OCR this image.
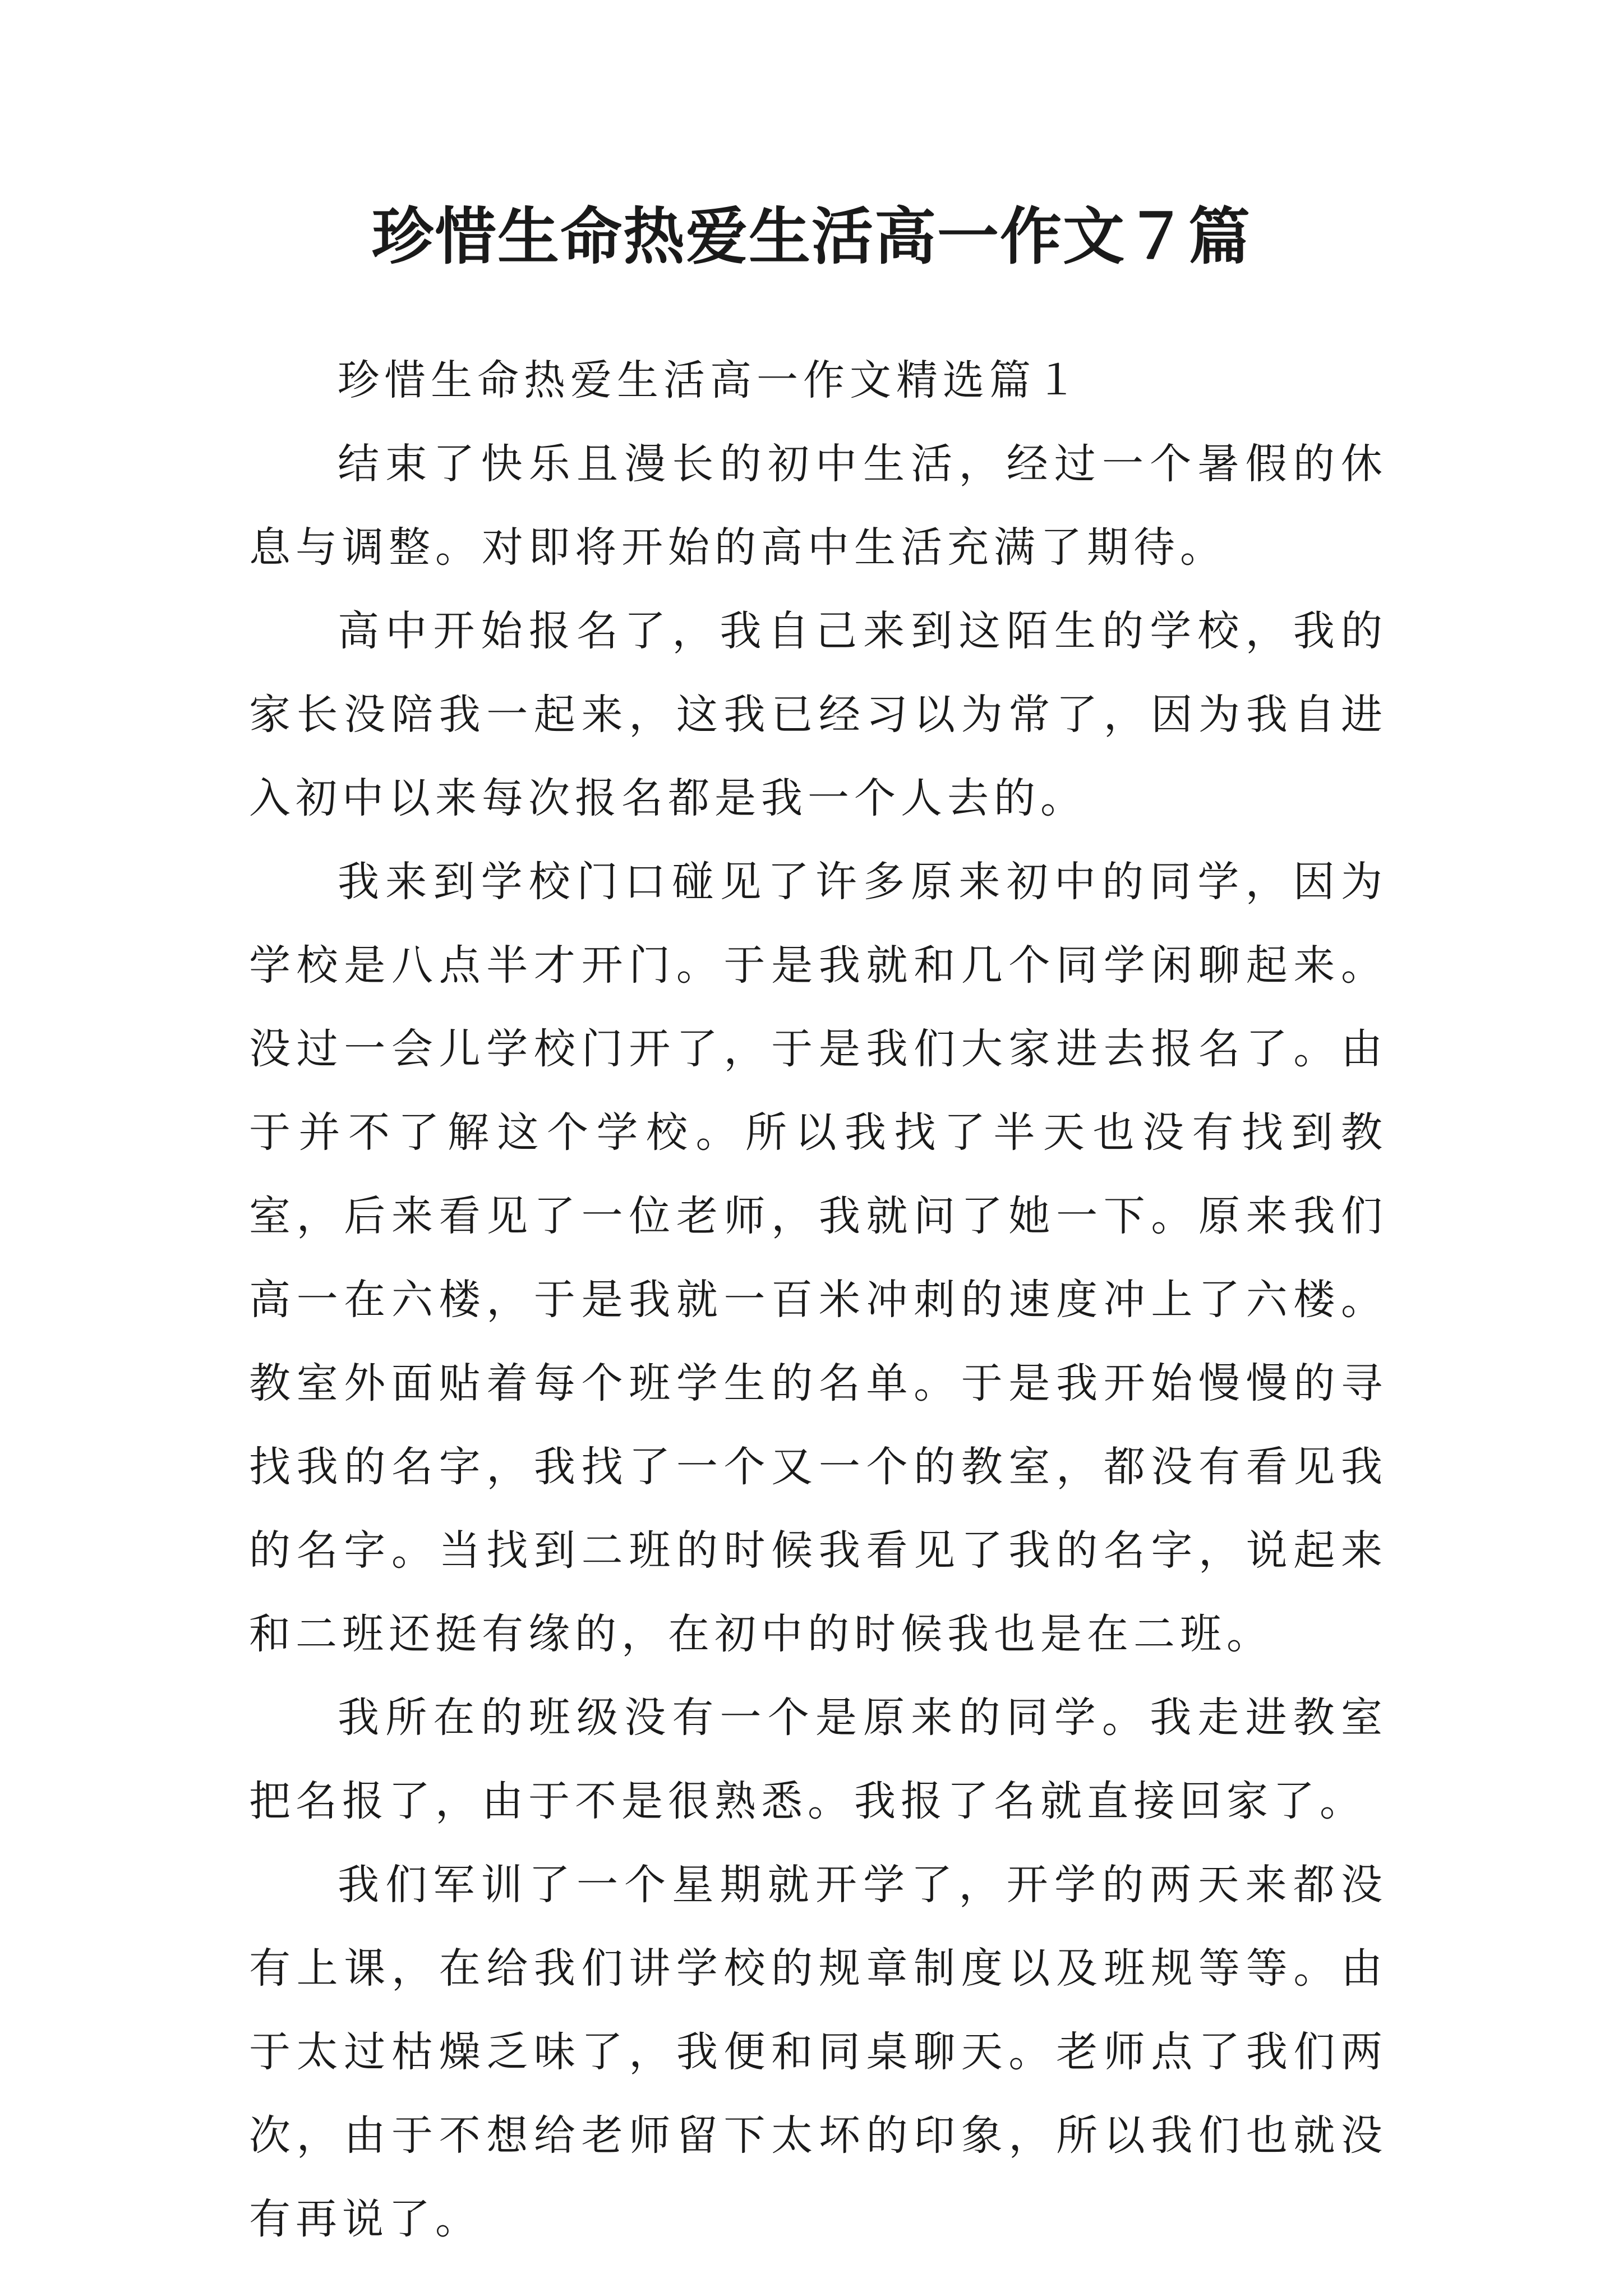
珍惜生命热爱生活高一作文７篇

珍惜生命热爱生活高一作文精选篇１

结束了快乐且漫长的初中生活，经过一个暑假的休息与调整。对即将开始的高中生活充满了期待。

高中开始报名了，我自己来到这陌生的学校，我的家长没陪我一起来，这我已经习以为常了，因为我自进入初中以来每次报名都是我一个人去的。

我来到学校门口碰见了许多原来初中的同学，因为学校是八点半才开门。于是我就和几个同学闲聊起来。没过一会儿学校门开了，于是我们大家进去报名了。由于并不了解这个学校。所以我找了半天也没有找到教室，后来看见了一位老师，我就问了她一下。原来我们高一在六楼，于是我就一百米冲刺的速度冲上了六楼。教室外面贴着每个班学生的名单。于是我开始慢慢的寻找我的名字，我找了一个又一个的教室，都没有看见我的名字。当找到二班的时候我看见了我的名字，说起来和二班还挺有缘的，在初中的时候我也是在二班。

我所在的班级没有一个是原来的同学。我走进教室把名报了，由于不是很熟悉。我报了名就直接回家了。

我们军训了一个星期就开学了，开学的两天来都没有上课，在给我们讲学校的规章制度以及班规等等。由于太过枯燥乏味了，我便和同桌聊天。老师点了我们两次，由于不想给老师留下太坏的印象，所以我们也就没有再说了。
